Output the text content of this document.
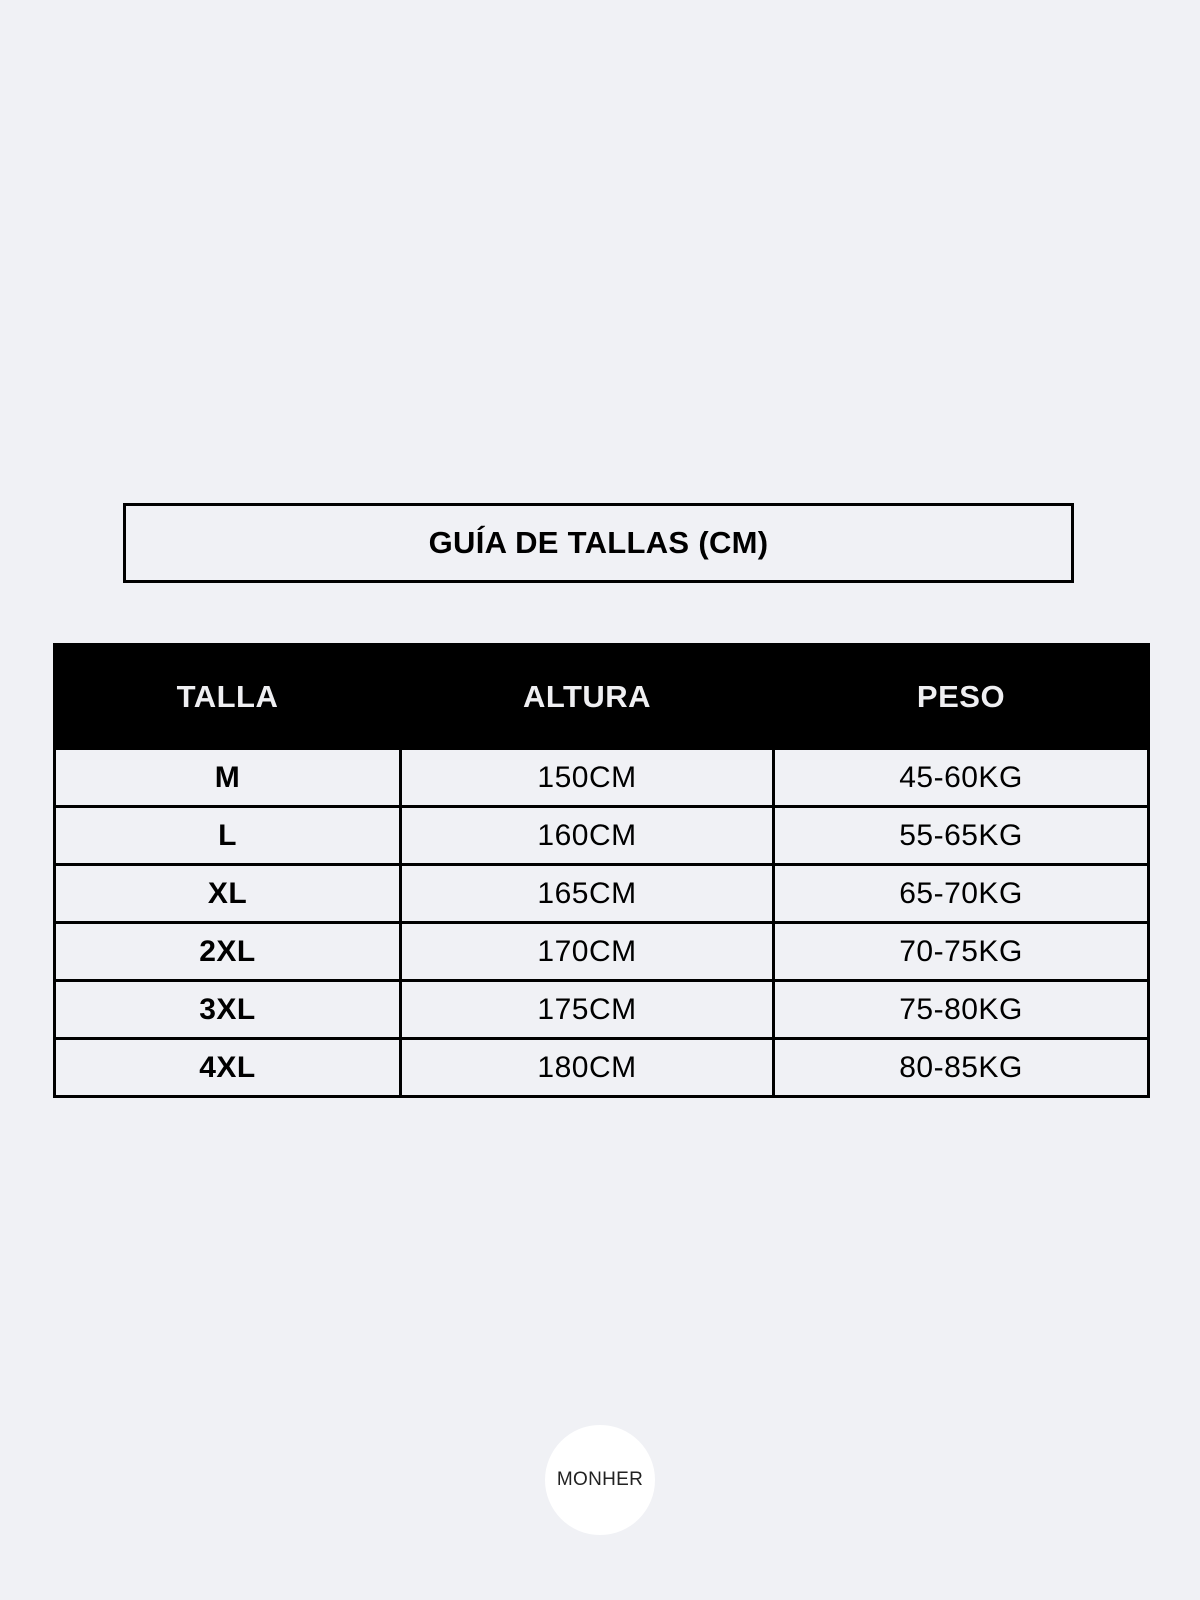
GUÍA DE TALLAS (CM)
TALLA	ALTURA	PESO
M	150CM	45-60KG
L	160CM	55-65KG
XL	165CM	65-70KG
2XL	170CM	70-75KG
3XL	175CM	75-80KG
4XL	180CM	80-85KG
MONHER
